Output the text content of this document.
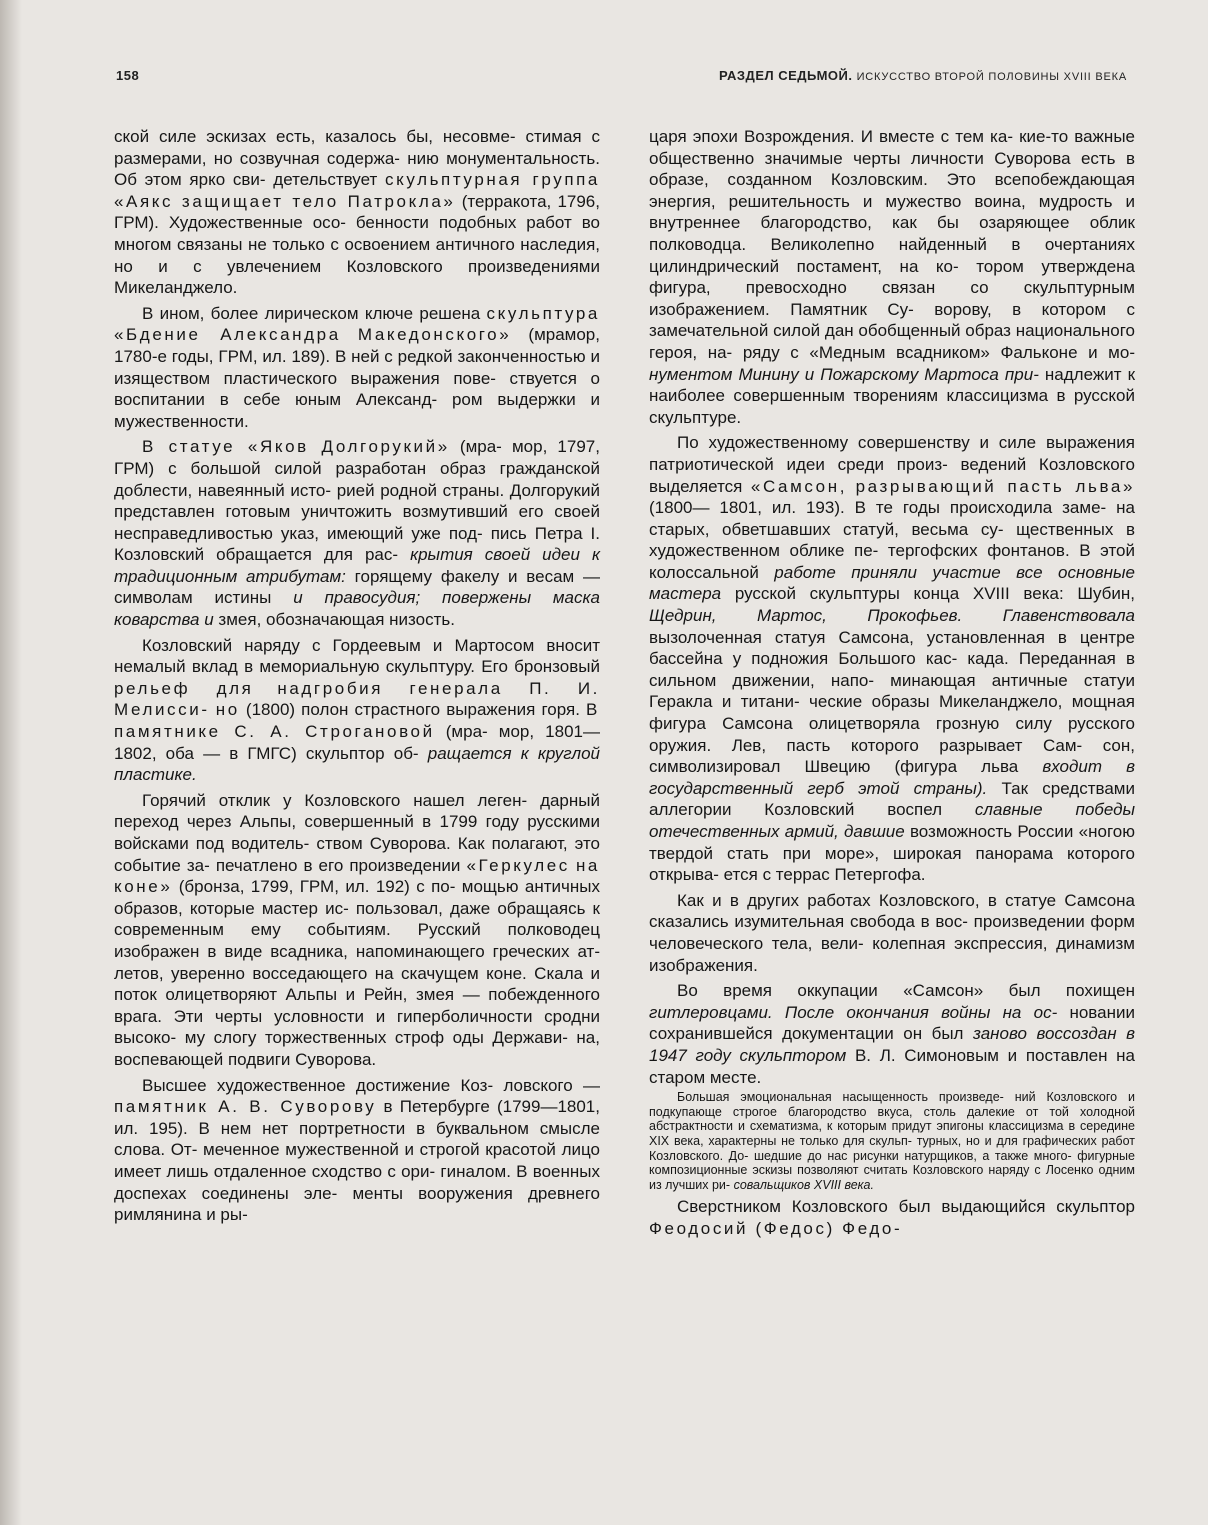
158	РАЗДЕЛ СЕДЬМОЙ. ИСКУССТВО ВТОРОЙ ПОЛОВИНЫ XVIII ВЕКА

ской силе эскизах есть, казалось бы, несовме- стимая с размерами, но созвучная содержа- нию монументальность. Об этом ярко сви- детельствует скульптурная группа «Аякс защищает тело Патрокла» (терракота, 1796, ГРМ). Художественные осо- бенности подобных работ во многом связаны не только с освоением античного наследия, но и с увлечением Козловского произведениями Микеланджело.

В ином, более лирическом ключе решена скульптура «Бдение Александра Македонского» (мрамор, 1780-е годы, ГРМ, ил. 189). В ней с редкой законченностью и изяществом пластического выражения пове- ствуется о воспитании в себе юным Александ- ром выдержки и мужественности.

В статуе «Яков Долгорукий» (мра- мор, 1797, ГРМ) с большой силой разработан образ гражданской доблести, навеянный исто- рией родной страны. Долгорукий представлен готовым уничтожить возмутивший его своей несправедливостью указ, имеющий уже под- пись Петра I. Козловский обращается для рас- крытия своей идеи к традиционным атрибутам: горящему факелу и весам — символам истины и правосудия; повержены маска коварства и змея, обозначающая низость.

Козловский наряду с Гордеевым и Мартосом вносит немалый вклад в мемориальную скульптуру. Его бронзовый рельеф для надгробия генерала П. И. Мелисси- но (1800) полон страстного выражения горя. В памятнике С. А. Строгановой (мра- мор, 1801—1802, оба — в ГМГС) скульптор об- ращается к круглой пластике.

Горячий отклик у Козловского нашел леген- дарный переход через Альпы, совершенный в 1799 году русскими войсками под водитель- ством Суворова. Как полагают, это событие за- печатлено в его произведении «Геркулес на коне» (бронза, 1799, ГРМ, ил. 192) с по- мощью античных образов, которые мастер ис- пользовал, даже обращаясь к современным ему событиям. Русский полководец изображен в виде всадника, напоминающего греческих ат- летов, уверенно восседающего на скачущем коне. Скала и поток олицетворяют Альпы и Рейн, змея — побежденного врага. Эти черты условности и гиперболичности сродни высоко- му слогу торжественных строф оды Держави- на, воспевающей подвиги Суворова.

Высшее художественное достижение Коз- ловского — памятник А. В. Суворову в Петербурге (1799—1801, ил. 195). В нем нет портретности в буквальном смысле слова. От- меченное мужественной и строгой красотой лицо имеет лишь отдаленное сходство с ори- гиналом. В военных доспехах соединены эле- менты вооружения древнего римлянина и ры-

царя эпохи Возрождения. И вместе с тем ка- кие-то важные общественно значимые черты личности Суворова есть в образе, созданном Козловским. Это всепобеждающая энергия, решительность и мужество воина, мудрость и внутреннее благородство, как бы озаряющее облик полководца. Великолепно найденный в очертаниях цилиндрический постамент, на ко- тором утверждена фигура, превосходно связан со скульптурным изображением. Памятник Су- ворову, в котором с замечательной силой дан обобщенный образ национального героя, на- ряду с «Медным всадником» Фальконе и мо- нументом Минину и Пожарскому Мартоса при- надлежит к наиболее совершенным творениям классицизма в русской скульптуре.

По художественному совершенству и силе выражения патриотической идеи среди произ- ведений Козловского выделяется «Самсон, разрывающий пасть льва» (1800— 1801, ил. 193). В те годы происходила заме- на старых, обветшавших статуй, весьма су- щественных в художественном облике пе- тергофских фонтанов. В этой колоссальной работе приняли участие все основные мастера русской скульптуры конца XVIII века: Шубин, Щедрин, Мартос, Прокофьев. Главенствовала вызолоченная статуя Самсона, установленная в центре бассейна у подножия Большого кас- када. Переданная в сильном движении, напо- минающая античные статуи Геракла и титани- ческие образы Микеланджело, мощная фигура Самсона олицетворяла грозную силу русского оружия. Лев, пасть которого разрывает Сам- сон, символизировал Швецию (фигура льва входит в государственный герб этой страны). Так средствами аллегории Козловский воспел славные победы отечественных армий, давшие возможность России «ногою твердой стать при море», широкая панорама которого открыва- ется с террас Петергофа.

Как и в других работах Козловского, в статуе Самсона сказались изумительная свобода в вос- произведении форм человеческого тела, вели- колепная экспрессия, динамизм изображения.

Во время оккупации «Самсон» был похищен гитлеровцами. После окончания войны на ос- новании сохранившейся документации он был заново воссоздан в 1947 году скульптором В. Л. Симоновым и поставлен на старом месте.

Большая эмоциональная насыщенность произведе- ний Козловского и подкупающе строгое благородство вкуса, столь далекие от той холодной абстрактности и схематизма, к которым придут эпигоны классицизма в середине XIX века, характерны не только для скульп- турных, но и для графических работ Козловского. До- шедшие до нас рисунки натурщиков, а также много- фигурные композиционные эскизы позволяют считать Козловского наряду с Лосенко одним из лучших ри- совальщиков XVIII века.

Сверстником Козловского был выдающийся скульптор Феодосий (Федос) Федо-
